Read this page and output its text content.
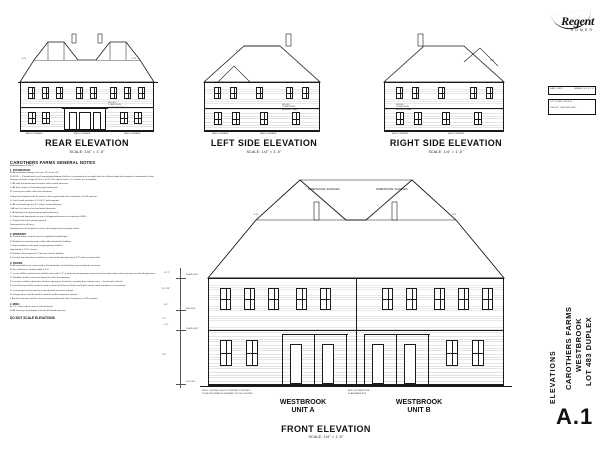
WOOD /
COMPOSITE
SIDING 8" MAX
BRICK VENEER	BRICK VENEER	BRICK VENEER
8:12	8:12
REAR ELEVATION
SCALE: 1/4" = 1'-0"
WOOD /
COMPOSITE
SIDING 8" MAX
BRICK VENEER	BRICK VENEER
6:12
LEFT SIDE ELEVATION
SCALE: 1/4" = 1'-0"
WOOD /
COMPOSITE
SIDING 8" MAX
BRICK VENEER	BRICK VENEER
6:12
RIGHT SIDE ELEVATION
SCALE: 1/4" = 1'-0"
DIMENSIONAL SHINGLES	DIMENSIONAL SHINGLES
8:12	6:12
12'-1"
8'-1"
1'-0"
PLATE HGT.
2ND FLR.
PLATE HGT.
1ST FLR.
9'-1 1/8"
1'-1"
9'-0"
NOTE: CEILING LIGHTS ON FRONT PORCHES
TO BE DECORATIVE PENDANT STYLE LIGHTING
ADD COLUMNS PER
PLAN BRACKETS
WESTBROOK
UNIT A
WESTBROOK
UNIT B
FRONT ELEVATION
SCALE: 1/4" = 1'-0"
CAROTHERS FARMS GENERAL NOTES
Regent Homes 07-08-17
1. FOUNDATION

A. All foundation footings to be min. 16" & min. 20".

B. ROOF — Provide finish at all freestanding footings shall be a conventional tie on gable with the all break ridge while angled or conventional; to the frontage and with a slope of 6:12 or 10:12. For exterior trims 1'-0" of joints are acceptable.

C. All soffit pre-dimensional shingles unless noted otherwise.

D. All field, verify to all sheathing panel aluminum.

E. Panning over roller cloth to be aluminum.

F. Any finish element shall be natural, unless galvanized steel, aluminum, or PVF aperture.

G. Use & weld elevations 2'-0 ft 4'-0" with engineer.

H. All roof overhangs any 12" unless noted otherwise.

I. All roof 'ovl' vents to be fixed metal aluminum.

J. All flashing to be galvanized or liquid solid work.

K. Gutters and downspouts on top of all approved material as required to NDS.

L. Verify for the left to exterior ground.

Downspouts for all tracts.

Downspouts to be located at corners of framing away from party streets.

2. WINDOWS

A. Window frames and the trim on completed standard light.

B. Windows in masonry center walls shall include brick buildup.

C. Equal windows in the panel rough opening shall be.

adjusted by a 3'-10" of units.

D. Window sills on ground 1" from face of brick building.

E. Provide two entry doors shall have a nominal finished opening of 6'-8" with an exterior half.

3. DOORS

A. All thresholds to be constructed to the foundation. See lift listing sizes all options of exterior.

B. Fire shall have a framed width of 2'-6".

C. Locate full/first and last level shall be stone with 2'-0" at jamb around openings except at the front door when a front top may see that all application.

D. Woodline shall be searched shaped to match the openings.

E. Locations shall be adjusted to head for opening in all exterior, including base cabinet sizes — broad wall, notched.

F. Front flashing shall be made of wood or metal while Fence Panels and Finish may be used sometimes, as necessary.

G. Casing right on front and site to be checked out and in around.

H. Garage doors shall be wood or metal & shall be painted or stained.

I. Any fixed element shall be natural covered galvanized sheet, lacquered, or PVF aperture.

4. MISC.

A. 2'-0" vents to be on top on side of boards.

B. All chimneys & gradeable to be brick finished concrete.

DO NOT SCALE ELEVATIONS
Regent
HOMES
DATE: 4/8/21	DRAWN: 1/4" = 1'-0"
LOT COUNT: 00.04.21
JOB NO. "DWG 4621-483"
CAROTHERS FARMS WESTBROOK LOT 483 DUPLEX
ELEVATIONS
A.1
